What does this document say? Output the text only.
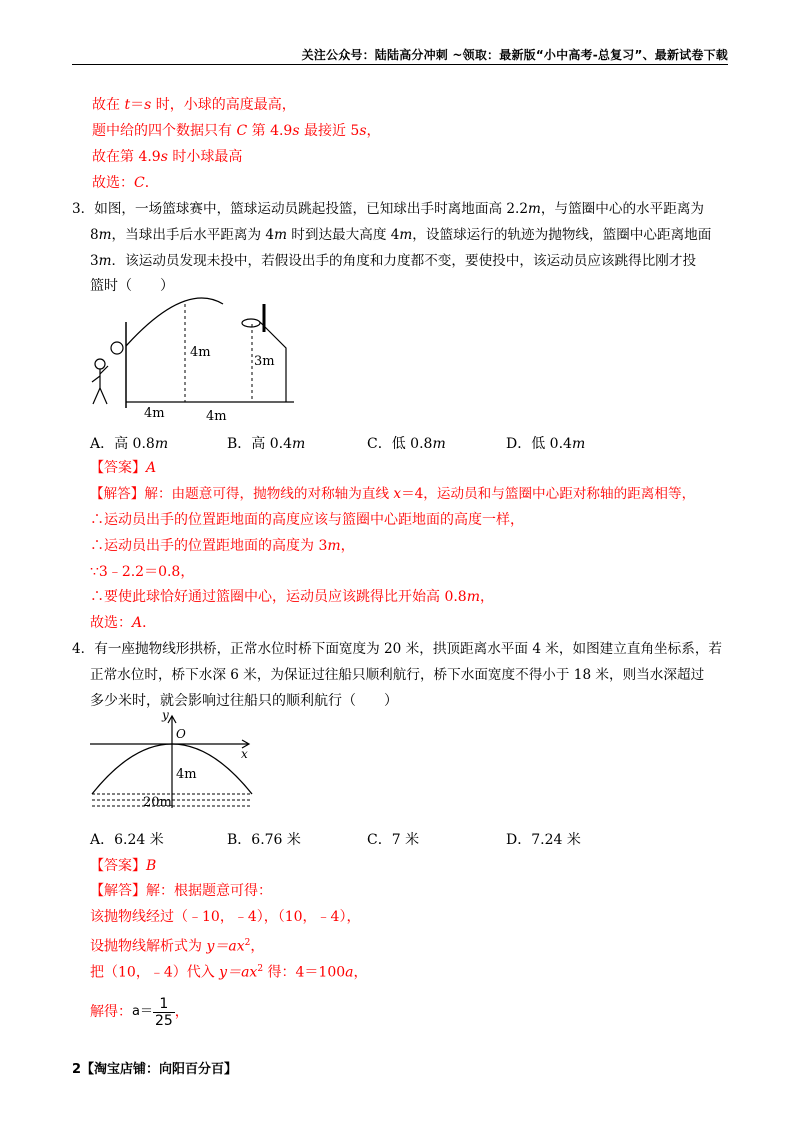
关注公众号：陆陆高分冲刺 ~领取：最新版“小中高考-总复习”、最新试卷下载
故在 t＝s 时，小球的高度最高，
题中给的四个数据只有 C 第 4.9s 最接近 5s，
故在第 4.9s 时小球最高
故选：C．
3．如图，一场篮球赛中，篮球运动员跳起投篮，已知球出手时离地面高 2.2m，与篮圈中心的水平距离为
8m，当球出手后水平距离为 4m 时到达最大高度 4m，设篮球运行的轨迹为抛物线，篮圈中心距离地面
3m．该运动员发现未投中，若假设出手的角度和力度都不变，要使投中，该运动员应该跳得比刚才投
篮时（　　）
4m
3m
4m	4m
A．高 0.8m	B．高 0.4m	C．低 0.8m	D．低 0.4m
【答案】A
【解答】解：由题意可得，抛物线的对称轴为直线 x＝4，运动员和与篮圈中心距对称轴的距离相等，
∴运动员出手的位置距地面的高度应该与篮圈中心距地面的高度一样，
∴运动员出手的位置距地面的高度为 3m，
∵3﹣2.2＝0.8，
∴要使此球恰好通过篮圈中心，运动员应该跳得比开始高 0.8m，
故选：A．
4．有一座抛物线形拱桥，正常水位时桥下面宽度为 20 米，拱顶距离水平面 4 米，如图建立直角坐标系，若
正常水位时，桥下水深 6 米，为保证过往船只顺利航行，桥下水面宽度不得小于 18 米，则当水深超过
多少米时，就会影响过往船只的顺利航行（　　）
y
x
O
4m
20m
A．6.24 米	B．6.76 米	C．7 米	D．7.24 米
【答案】B
【解答】解：根据题意可得：
该抛物线经过（﹣10，﹣4），（10，﹣4），
设抛物线解析式为 $y=ax^2$，
把（10，﹣4）代入 $y=ax^2$ 得：4＝100a，
解得：$a= \frac{1}{25}$ ，
2【淘宝店铺：向阳百分百】
